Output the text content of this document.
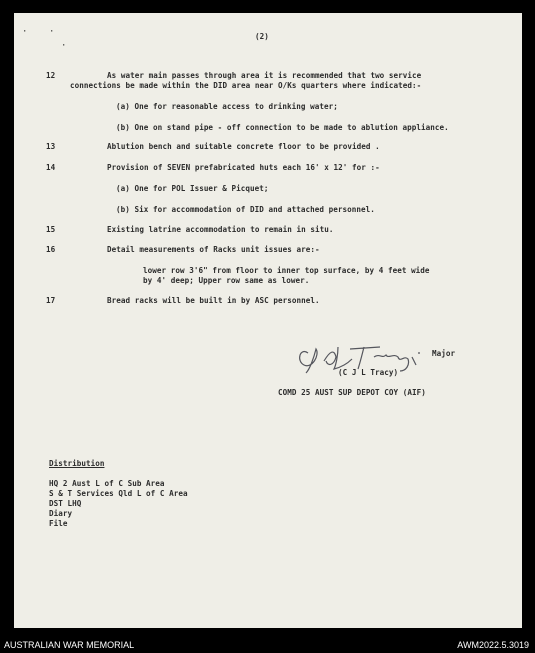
· ·
·
(2)
12	As water main passes through area it is recommended that two service
connections be made within the DID area near O/Ks quarters where indicated:-
(a) One for reasonable access to drinking water;
(b) One on stand pipe - off connection to be made to ablution appliance.
13	Ablution bench and suitable concrete floor to be provided .
14	Provision of SEVEN prefabricated huts each 16' x 12' for :-
(a) One for POL Issuer & Picquet;
(b) Six for accommodation of DID and attached personnel.
15	Existing latrine accommodation to remain in situ.
16	Detail measurements of Racks unit issues are:-
lower row 3'6" from floor to inner top surface, by 4 feet wide
by 4' deep; Upper row same as lower.
17	Bread racks will be built in by ASC personnel.
Major
(C J L Tracy)
COMD 25 AUST SUP DEPOT COY (AIF)
Distribution
HQ 2 Aust L of C Sub Area
S & T Services Qld L of C Area
DST LHQ
Diary
File
AUSTRALIAN WAR MEMORIAL	AWM2022.5.3019
